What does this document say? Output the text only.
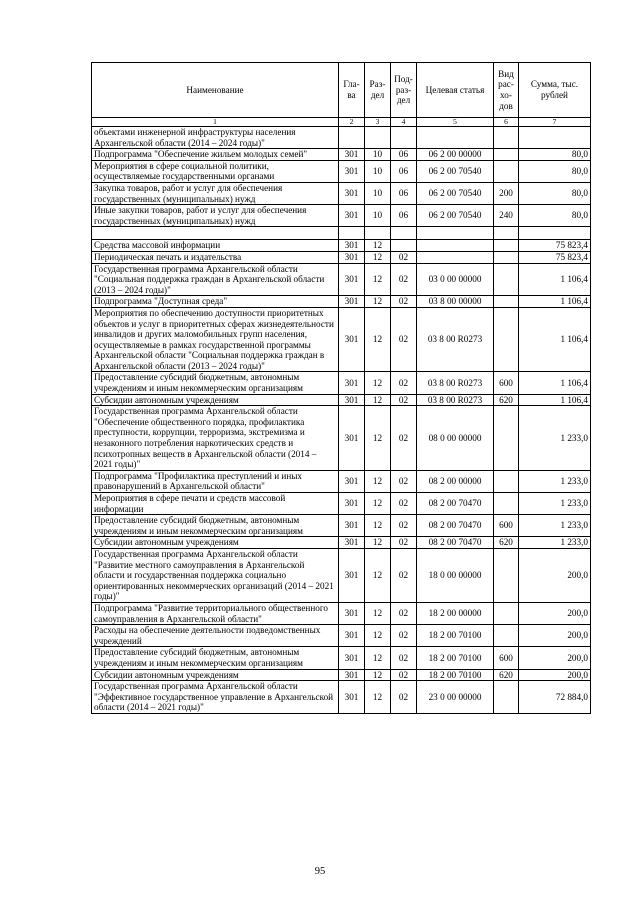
Наименование	Гла-ва	Раз-дел	Под-раз-дел	Целевая статья	Вид рас-хо-дов	Сумма, тыс. рублей
1	2	3	4	5	6	7
объектами инженерной инфраструктуры населения Архангельской области (2014 – 2024 годы)"						
Подпрограмма "Обеспечение жильем молодых семей"	301	10	06	06 2 00 00000		80,0
Мероприятия в сфере социальной политики, осуществляемые государственными органами	301	10	06	06 2 00 70540		80,0
Закупка товаров, работ и услуг для обеспечения государственных (муниципальных) нужд	301	10	06	06 2 00 70540	200	80,0
Иные закупки товаров, работ и услуг для обеспечения государственных (муниципальных) нужд	301	10	06	06 2 00 70540	240	80,0

Средства массовой информации	301	12				75 823,4
Периодическая печать и издательства	301	12	02			75 823,4
Государственная программа Архангельской области "Социальная поддержка граждан в Архангельской области (2013 – 2024 годы)"	301	12	02	03 0 00 00000		1 106,4
Подпрограмма "Доступная среда"	301	12	02	03 8 00 00000		1 106,4
Мероприятия по обеспечению доступности приоритетных объектов и услуг в приоритетных сферах жизнедеятельности инвалидов и других маломобильных групп населения, осуществляемые в рамках государственной программы Архангельской области "Социальная поддержка граждан в Архангельской области (2013 – 2024 годы)"	301	12	02	03 8 00 R0273		1 106,4
Предоставление субсидий бюджетным, автономным учреждениям и иным некоммерческим организациям	301	12	02	03 8 00 R0273	600	1 106,4
Субсидии автономным учреждениям	301	12	02	03 8 00 R0273	620	1 106,4
Государственная программа Архангельской области "Обеспечение общественного порядка, профилактика преступности, коррупции, терроризма, экстремизма и незаконного потребления наркотических средств и психотропных веществ в Архангельской области (2014 – 2021 годы)"	301	12	02	08 0 00 00000		1 233,0
Подпрограмма "Профилактика преступлений и иных правонарушений в Архангельской области"	301	12	02	08 2 00 00000		1 233,0
Мероприятия в сфере печати и средств массовой информации	301	12	02	08 2 00 70470		1 233,0
Предоставление субсидий бюджетным, автономным учреждениям и иным некоммерческим организациям	301	12	02	08 2 00 70470	600	1 233,0
Субсидии автономным учреждениям	301	12	02	08 2 00 70470	620	1 233,0
Государственная программа Архангельской области "Развитие местного самоуправления в Архангельской области и государственная поддержка социально ориентированных некоммерческих организаций (2014 – 2021 годы)"	301	12	02	18 0 00 00000		200,0
Подпрограмма "Развитие территориального общественного самоуправления в Архангельской области"	301	12	02	18 2 00 00000		200,0
Расходы на обеспечение деятельности подведомственных учреждений	301	12	02	18 2 00 70100		200,0
Предоставление субсидий бюджетным, автономным учреждениям и иным некоммерческим организациям	301	12	02	18 2 00 70100	600	200,0
Субсидии автономным учреждениям	301	12	02	18 2 00 70100	620	200,0
Государственная программа Архангельской области "Эффективное государственное управление в Архангельской области (2014 – 2021 годы)"	301	12	02	23 0 00 00000		72 884,0
95
